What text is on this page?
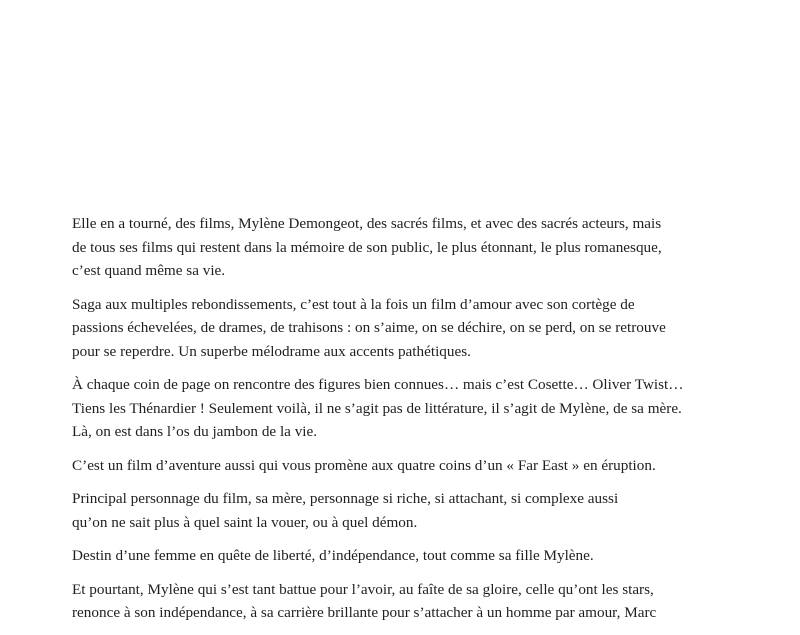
Elle en a tourné, des films, Mylène Demongeot, des sacrés films, et avec des sacrés acteurs, mais
de tous ses films qui restent dans la mémoire de son public, le plus étonnant, le plus romanesque,
c’est quand même sa vie.

Saga aux multiples rebondissements, c’est tout à la fois un film d’amour avec son cortège de
passions échevelées, de drames, de trahisons : on s’aime, on se déchire, on se perd, on se retrouve
pour se reperdre. Un superbe mélodrame aux accents pathétiques.

À chaque coin de page on rencontre des figures bien connues… mais c’est Cosette… Oliver Twist…
Tiens les Thénardier ! Seulement voilà, il ne s’agit pas de littérature, il s’agit de Mylène, de sa mère.
Là, on est dans l’os du jambon de la vie.

C’est un film d’aventure aussi qui vous promène aux quatre coins d’un « Far East » en éruption.

Principal personnage du film, sa mère, personnage si riche, si attachant, si complexe aussi
qu’on ne sait plus à quel saint la vouer, ou à quel démon.

Destin d’une femme en quête de liberté, d’indépendance, tout comme sa fille Mylène.

Et pourtant, Mylène qui s’est tant battue pour l’avoir, au faîte de sa gloire, celle qu’ont les stars,
renonce à son indépendance, à sa carrière brillante pour s’attacher à un homme par amour, Marc
